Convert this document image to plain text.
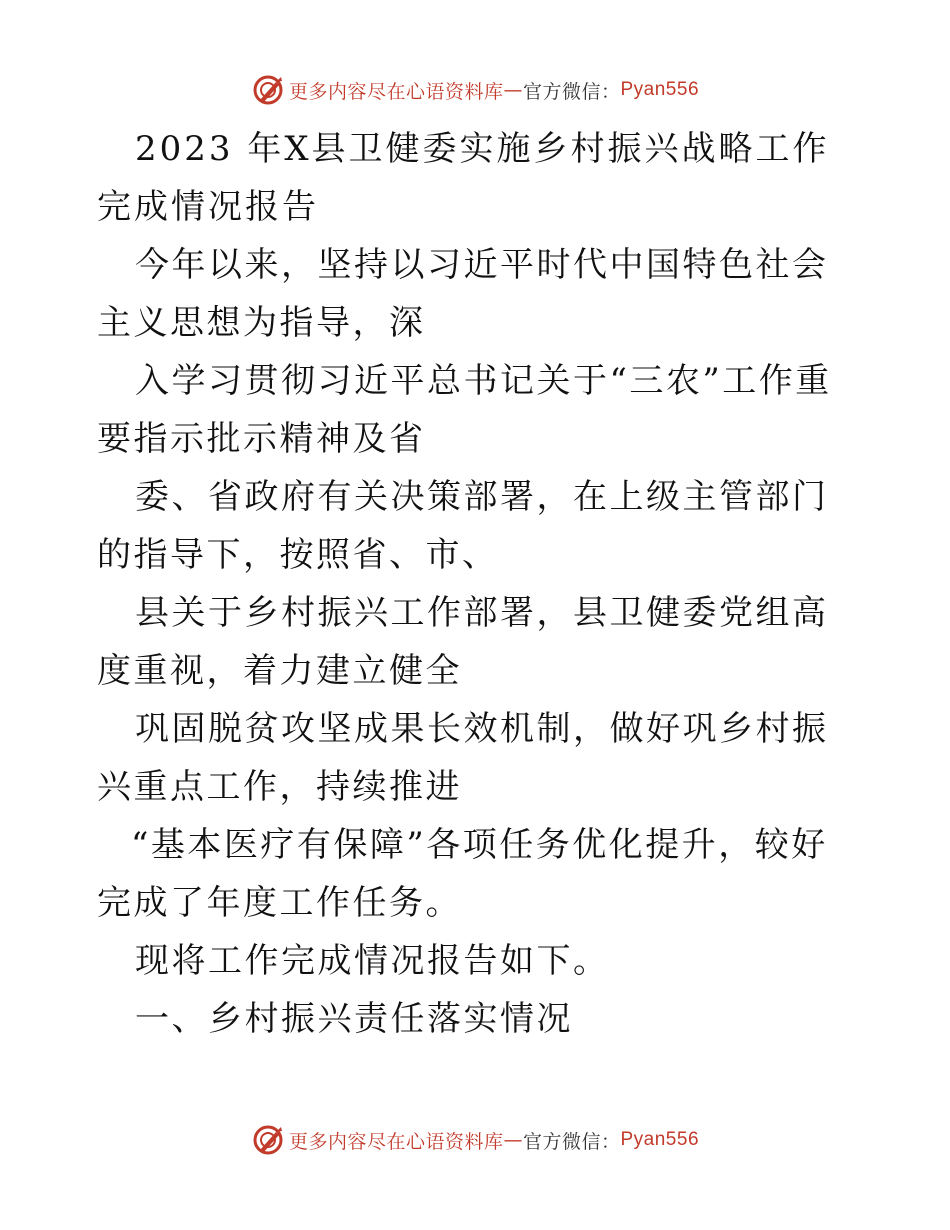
更多内容尽在心语资料库 — 官方微信： Pyan556

2023 年X县卫健委实施乡村振兴战略工作完成情况报告

今年以来，坚持以习近平时代中国特色社会主义思想为指导，深

入学习贯彻习近平总书记关于“三农”工作重要指示批示精神及省

委、省政府有关决策部署，在上级主管部门的指导下，按照省、市、

县关于乡村振兴工作部署，县卫健委党组高度重视，着力建立健全

巩固脱贫攻坚成果长效机制，做好巩乡村振兴重点工作，持续推进

“基本医疗有保障”各项任务优化提升，较好完成了年度工作任务。

现将工作完成情况报告如下。

一、乡村振兴责任落实情况

更多内容尽在心语资料库 — 官方微信： Pyan556
